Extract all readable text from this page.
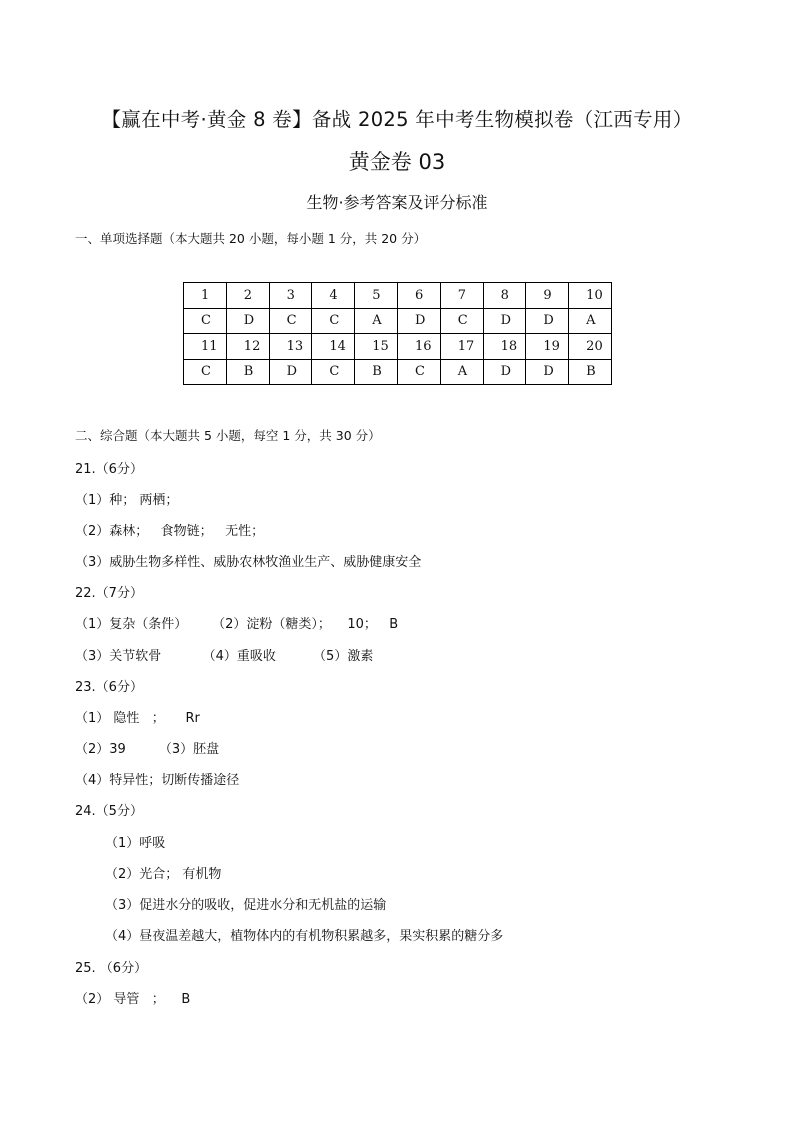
【赢在中考·黄金 8 卷】备战 2025 年中考生物模拟卷（江西专用）
黄金卷 03
生物·参考答案及评分标准
一、单项选择题（本大题共 20 小题，每小题 1 分，共 20 分）
1	2	3	4	5	6	7	8	9	10
C	D	C	C	A	D	C	D	D	A
11	12	13	14	15	16	17	18	19	20
C	B	D	C	B	C	A	D	D	B
二、综合题（本大题共 5 小题，每空 1 分，共 30 分）
21.（6分）
（1）种； 两栖；
（2）森林；   食物链；   无性；
（3）威胁生物多样性、威胁农林牧渔业生产、威胁健康安全
22.（7分）
（1）复杂（条件）      （2）淀粉（糖类）；    10；   B
（3）关节软骨          （4）重吸收         （5）激素
23.（6分）
（1） 隐性   ；     Rr
（2）39        （3）胚盘
（4）特异性；切断传播途径
24.（5分）
（1）呼吸
（2）光合； 有机物
（3）促进水分的吸收，促进水分和无机盐的运输
（4）昼夜温差越大，植物体内的有机物积累越多，果实积累的糖分多
25. （6分）
（2） 导管   ；    B
